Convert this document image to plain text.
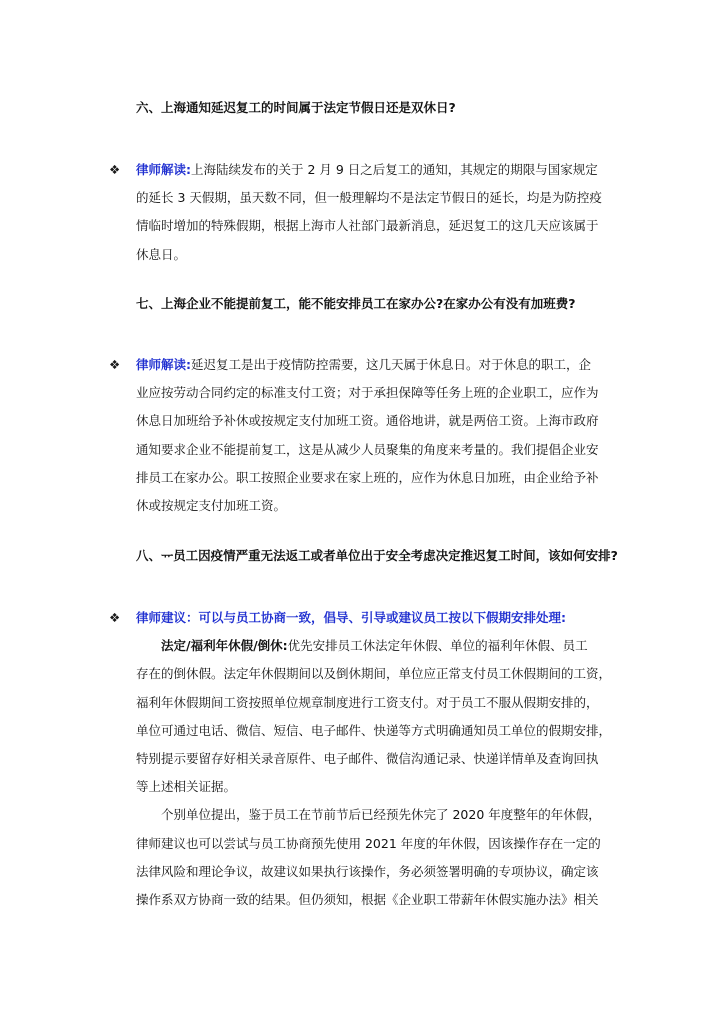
六、上海通知延迟复工的时间属于法定节假日还是双休日?
❖	律师解读:上海陆续发布的关于 2 月 9 日之后复工的通知，其规定的期限与国家规定
的延长 3 天假期，虽天数不同，但一般理解均不是法定节假日的延长，均是为防控疫
情临时增加的特殊假期，根据上海市人社部门最新消息，延迟复工的这几天应该属于
休息日。
七、上海企业不能提前复工，能不能安排员工在家办公?在家办公有没有加班费?
❖	律师解读:延迟复工是出于疫情防控需要，这几天属于休息日。对于休息的职工，企
业应按劳动合同约定的标准支付工资；对于承担保障等任务上班的企业职工，应作为
休息日加班给予补休或按规定支付加班工资。通俗地讲，就是两倍工资。上海市政府
通知要求企业不能提前复工，这是从减少人员聚集的角度来考量的。我们提倡企业安
排员工在家办公。职工按照企业要求在家上班的，应作为休息日加班，由企业给予补
休或按规定支付加班工资。
八、ᅲ员工因疫情严重无法返工或者单位出于安全考虑决定推迟复工时间，该如何安排?
❖	律师建议：可以与员工协商一致，倡导、引导或建议员工按以下假期安排处理:
法定/福利年休假/倒休:优先安排员工休法定年休假、单位的福利年休假、员工
存在的倒休假。法定年休假期间以及倒休期间，单位应正常支付员工休假期间的工资，
福利年休假期间工资按照单位规章制度进行工资支付。对于员工不服从假期安排的，
单位可通过电话、微信、短信、电子邮件、快递等方式明确通知员工单位的假期安排，
特别提示要留存好相关录音原件、电子邮件、微信沟通记录、快递详情单及查询回执
等上述相关证据。
个别单位提出，鉴于员工在节前节后已经预先休完了 2020 年度整年的年休假，
律师建议也可以尝试与员工协商预先使用 2021 年度的年休假，因该操作存在一定的
法律风险和理论争议，故建议如果执行该操作，务必须签署明确的专项协议，确定该
操作系双方协商一致的结果。但仍须知，根据《企业职工带薪年休假实施办法》相关
